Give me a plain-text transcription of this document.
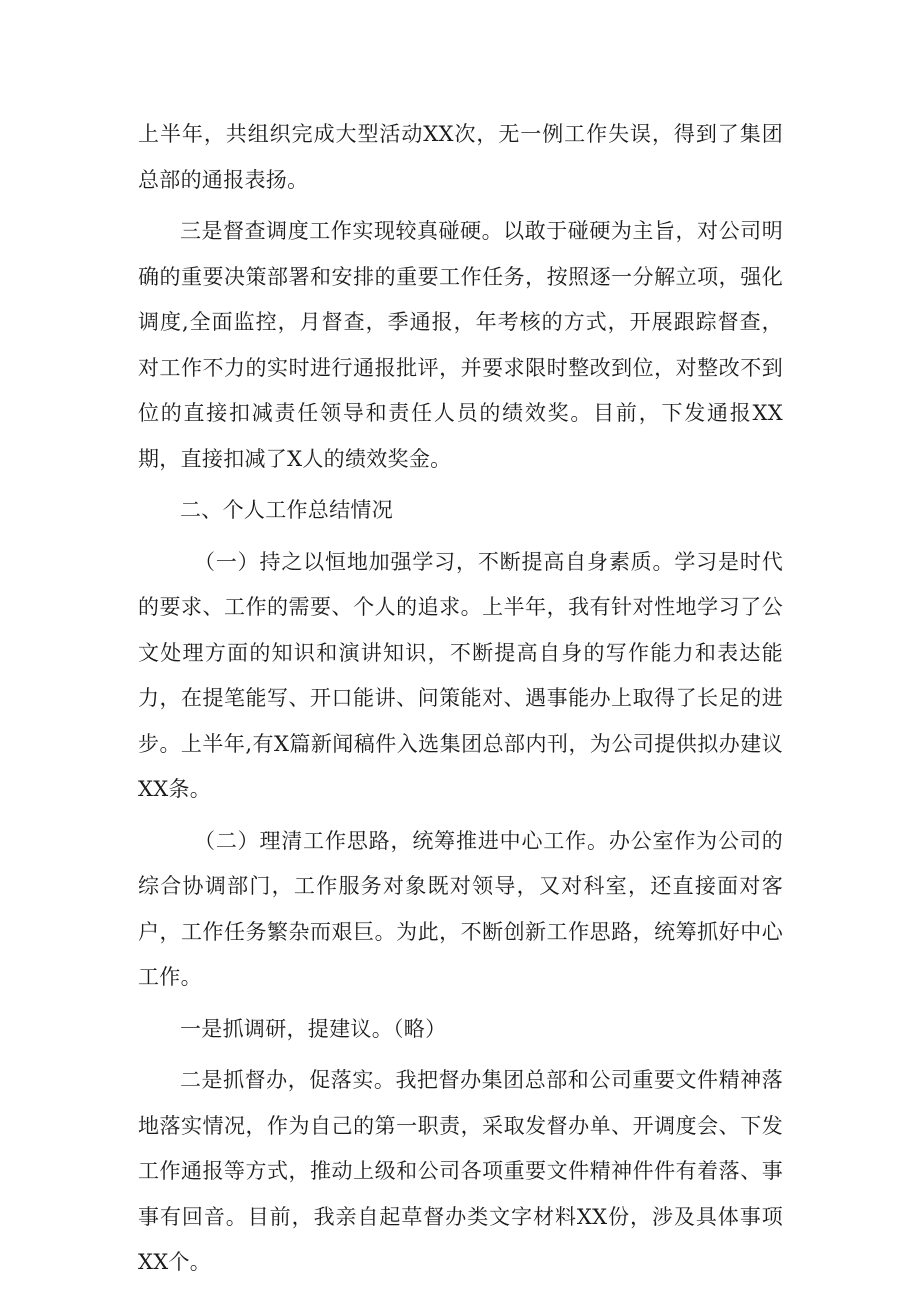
上半年，共组织完成大型活动XX次，无一例工作失误，得到了集团总部的通报表扬。

三是督查调度工作实现较真碰硬。以敢于碰硬为主旨，对公司明确的重要决策部署和安排的重要工作任务，按照逐一分解立项，强化调度,全面监控，月督查，季通报，年考核的方式，开展跟踪督查，对工作不力的实时进行通报批评，并要求限时整改到位，对整改不到位的直接扣减责任领导和责任人员的绩效奖。目前，下发通报XX期，直接扣减了X人的绩效奖金。

二、个人工作总结情况

（一）持之以恒地加强学习，不断提高自身素质。学习是时代的要求、工作的需要、个人的追求。上半年，我有针对性地学习了公文处理方面的知识和演讲知识，不断提高自身的写作能力和表达能力，在提笔能写、开口能讲、问策能对、遇事能办上取得了长足的进步。上半年,有X篇新闻稿件入选集团总部内刊，为公司提供拟办建议XX条。

（二）理清工作思路，统筹推进中心工作。办公室作为公司的综合协调部门，工作服务对象既对领导，又对科室，还直接面对客户，工作任务繁杂而艰巨。为此，不断创新工作思路，统筹抓好中心工作。

一是抓调研，提建议。（略）

二是抓督办，促落实。我把督办集团总部和公司重要文件精神落地落实情况，作为自己的第一职责，采取发督办单、开调度会、下发工作通报等方式，推动上级和公司各项重要文件精神件件有着落、事事有回音。目前，我亲自起草督办类文字材料XX份，涉及具体事项XX个。
